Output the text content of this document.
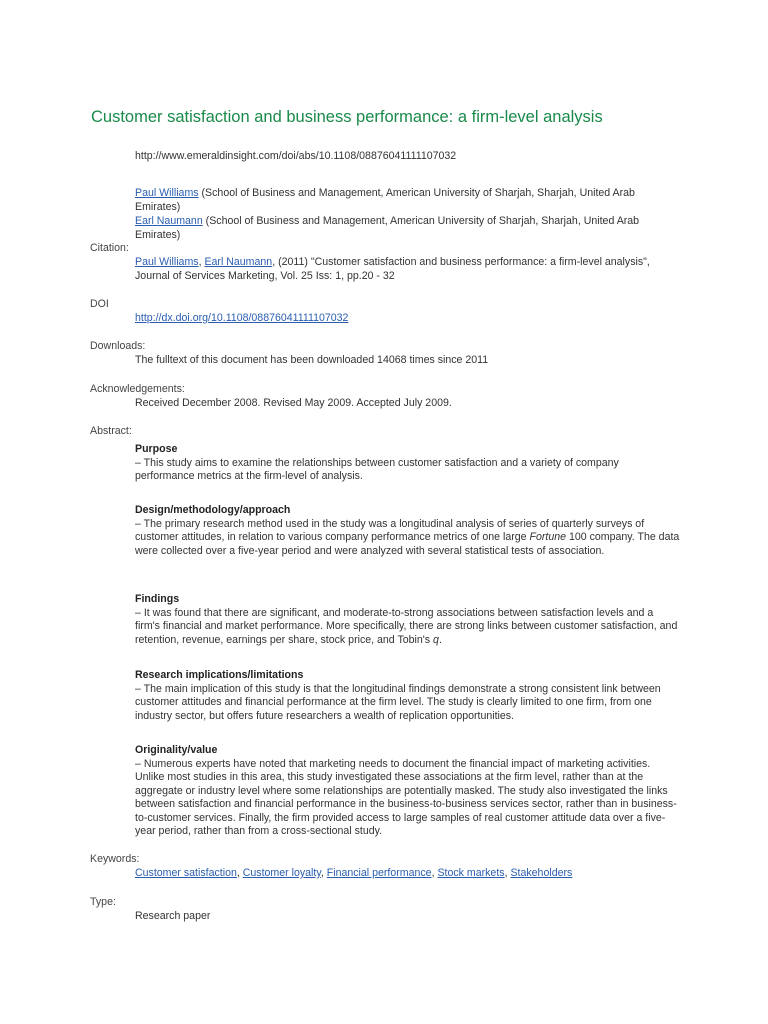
Customer satisfaction and business performance: a firm-level analysis
http://www.emeraldinsight.com/doi/abs/10.1108/08876041111107032
Paul Williams (School of Business and Management, American University of Sharjah, Sharjah, United Arab Emirates)
Earl Naumann (School of Business and Management, American University of Sharjah, Sharjah, United Arab Emirates)
Citation:
Paul Williams, Earl Naumann, (2011) "Customer satisfaction and business performance: a firm-level analysis", Journal of Services Marketing, Vol. 25 Iss: 1, pp.20 - 32
DOI
http://dx.doi.org/10.1108/08876041111107032
Downloads:
The fulltext of this document has been downloaded 14068 times since 2011
Acknowledgements:
Received December 2008. Revised May 2009. Accepted July 2009.
Abstract:
Purpose

– This study aims to examine the relationships between customer satisfaction and a variety of company performance metrics at the firm-level of analysis.

Design/methodology/approach

– The primary research method used in the study was a longitudinal analysis of series of quarterly surveys of customer attitudes, in relation to various company performance metrics of one large Fortune 100 company. The data were collected over a five-year period and were analyzed with several statistical tests of association.

Findings

– It was found that there are significant, and moderate-to-strong associations between satisfaction levels and a firm's financial and market performance. More specifically, there are strong links between customer satisfaction, and retention, revenue, earnings per share, stock price, and Tobin's q.

Research implications/limitations

– The main implication of this study is that the longitudinal findings demonstrate a strong consistent link between customer attitudes and financial performance at the firm level. The study is clearly limited to one firm, from one industry sector, but offers future researchers a wealth of replication opportunities.

Originality/value

– Numerous experts have noted that marketing needs to document the financial impact of marketing activities. Unlike most studies in this area, this study investigated these associations at the firm level, rather than at the aggregate or industry level where some relationships are potentially masked. The study also investigated the links between satisfaction and financial performance in the business-to-business services sector, rather than in business-to-customer services. Finally, the firm provided access to large samples of real customer attitude data over a five-year period, rather than from a cross-sectional study.

Keywords:
Customer satisfaction, Customer loyalty, Financial performance, Stock markets, Stakeholders
Type:
Research paper
